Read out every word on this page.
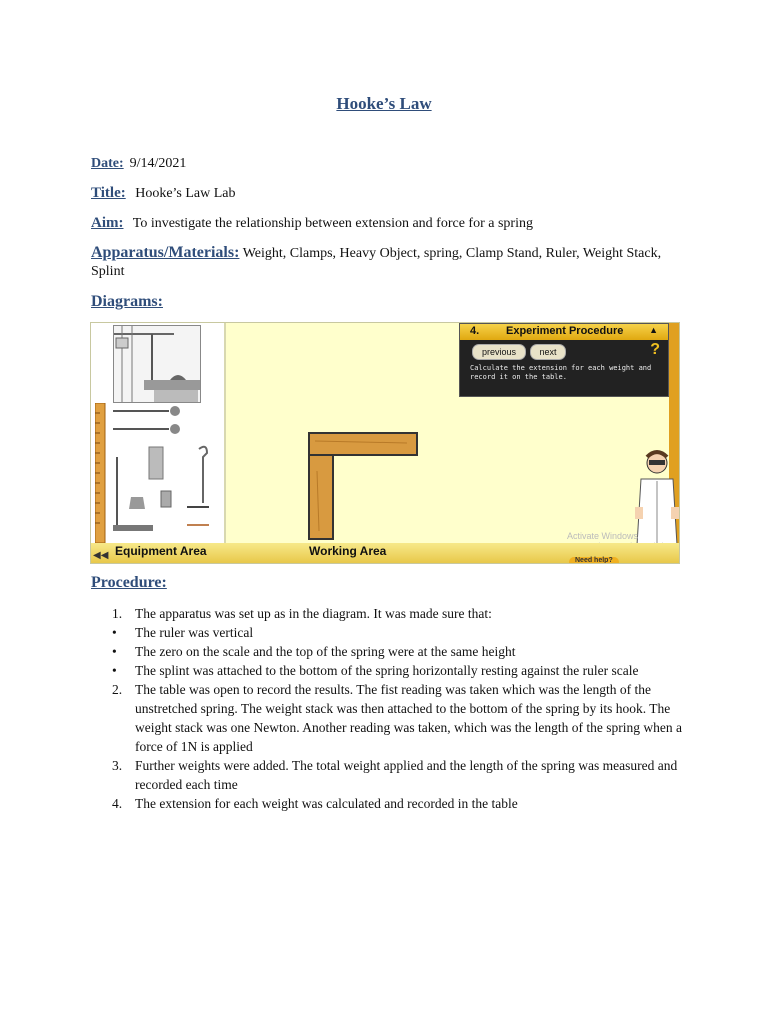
Hooke’s Law
Date: 9/14/2021
Title: Hooke’s Law Lab
Aim: To investigate the relationship between extension and force for a spring
Apparatus/Materials: Weight, Clamps, Heavy Object, spring, Clamp Stand, Ruler, Weight Stack, Splint
Diagrams:
4. Experiment Procedure	▲
previous	next	?
Calculate the extension for each weight and record it on the table.
Activate Windows
◀◀ Equipment Area	Working Area
Need help?
Procedure:
1. The apparatus was set up as in the diagram. It was made sure that:
• The ruler was vertical
• The zero on the scale and the top of the spring were at the same height
• The splint was attached to the bottom of the spring horizontally resting against the ruler scale
2. The table was open to record the results. The fist reading was taken which was the length of the unstretched spring. The weight stack was then attached to the bottom of the spring by its hook. The weight stack was one Newton. Another reading was taken, which was the length of the spring when a force of 1N is applied
3. Further weights were added. The total weight applied and the length of the spring was measured and recorded each time
4. The extension for each weight was calculated and recorded in the table
